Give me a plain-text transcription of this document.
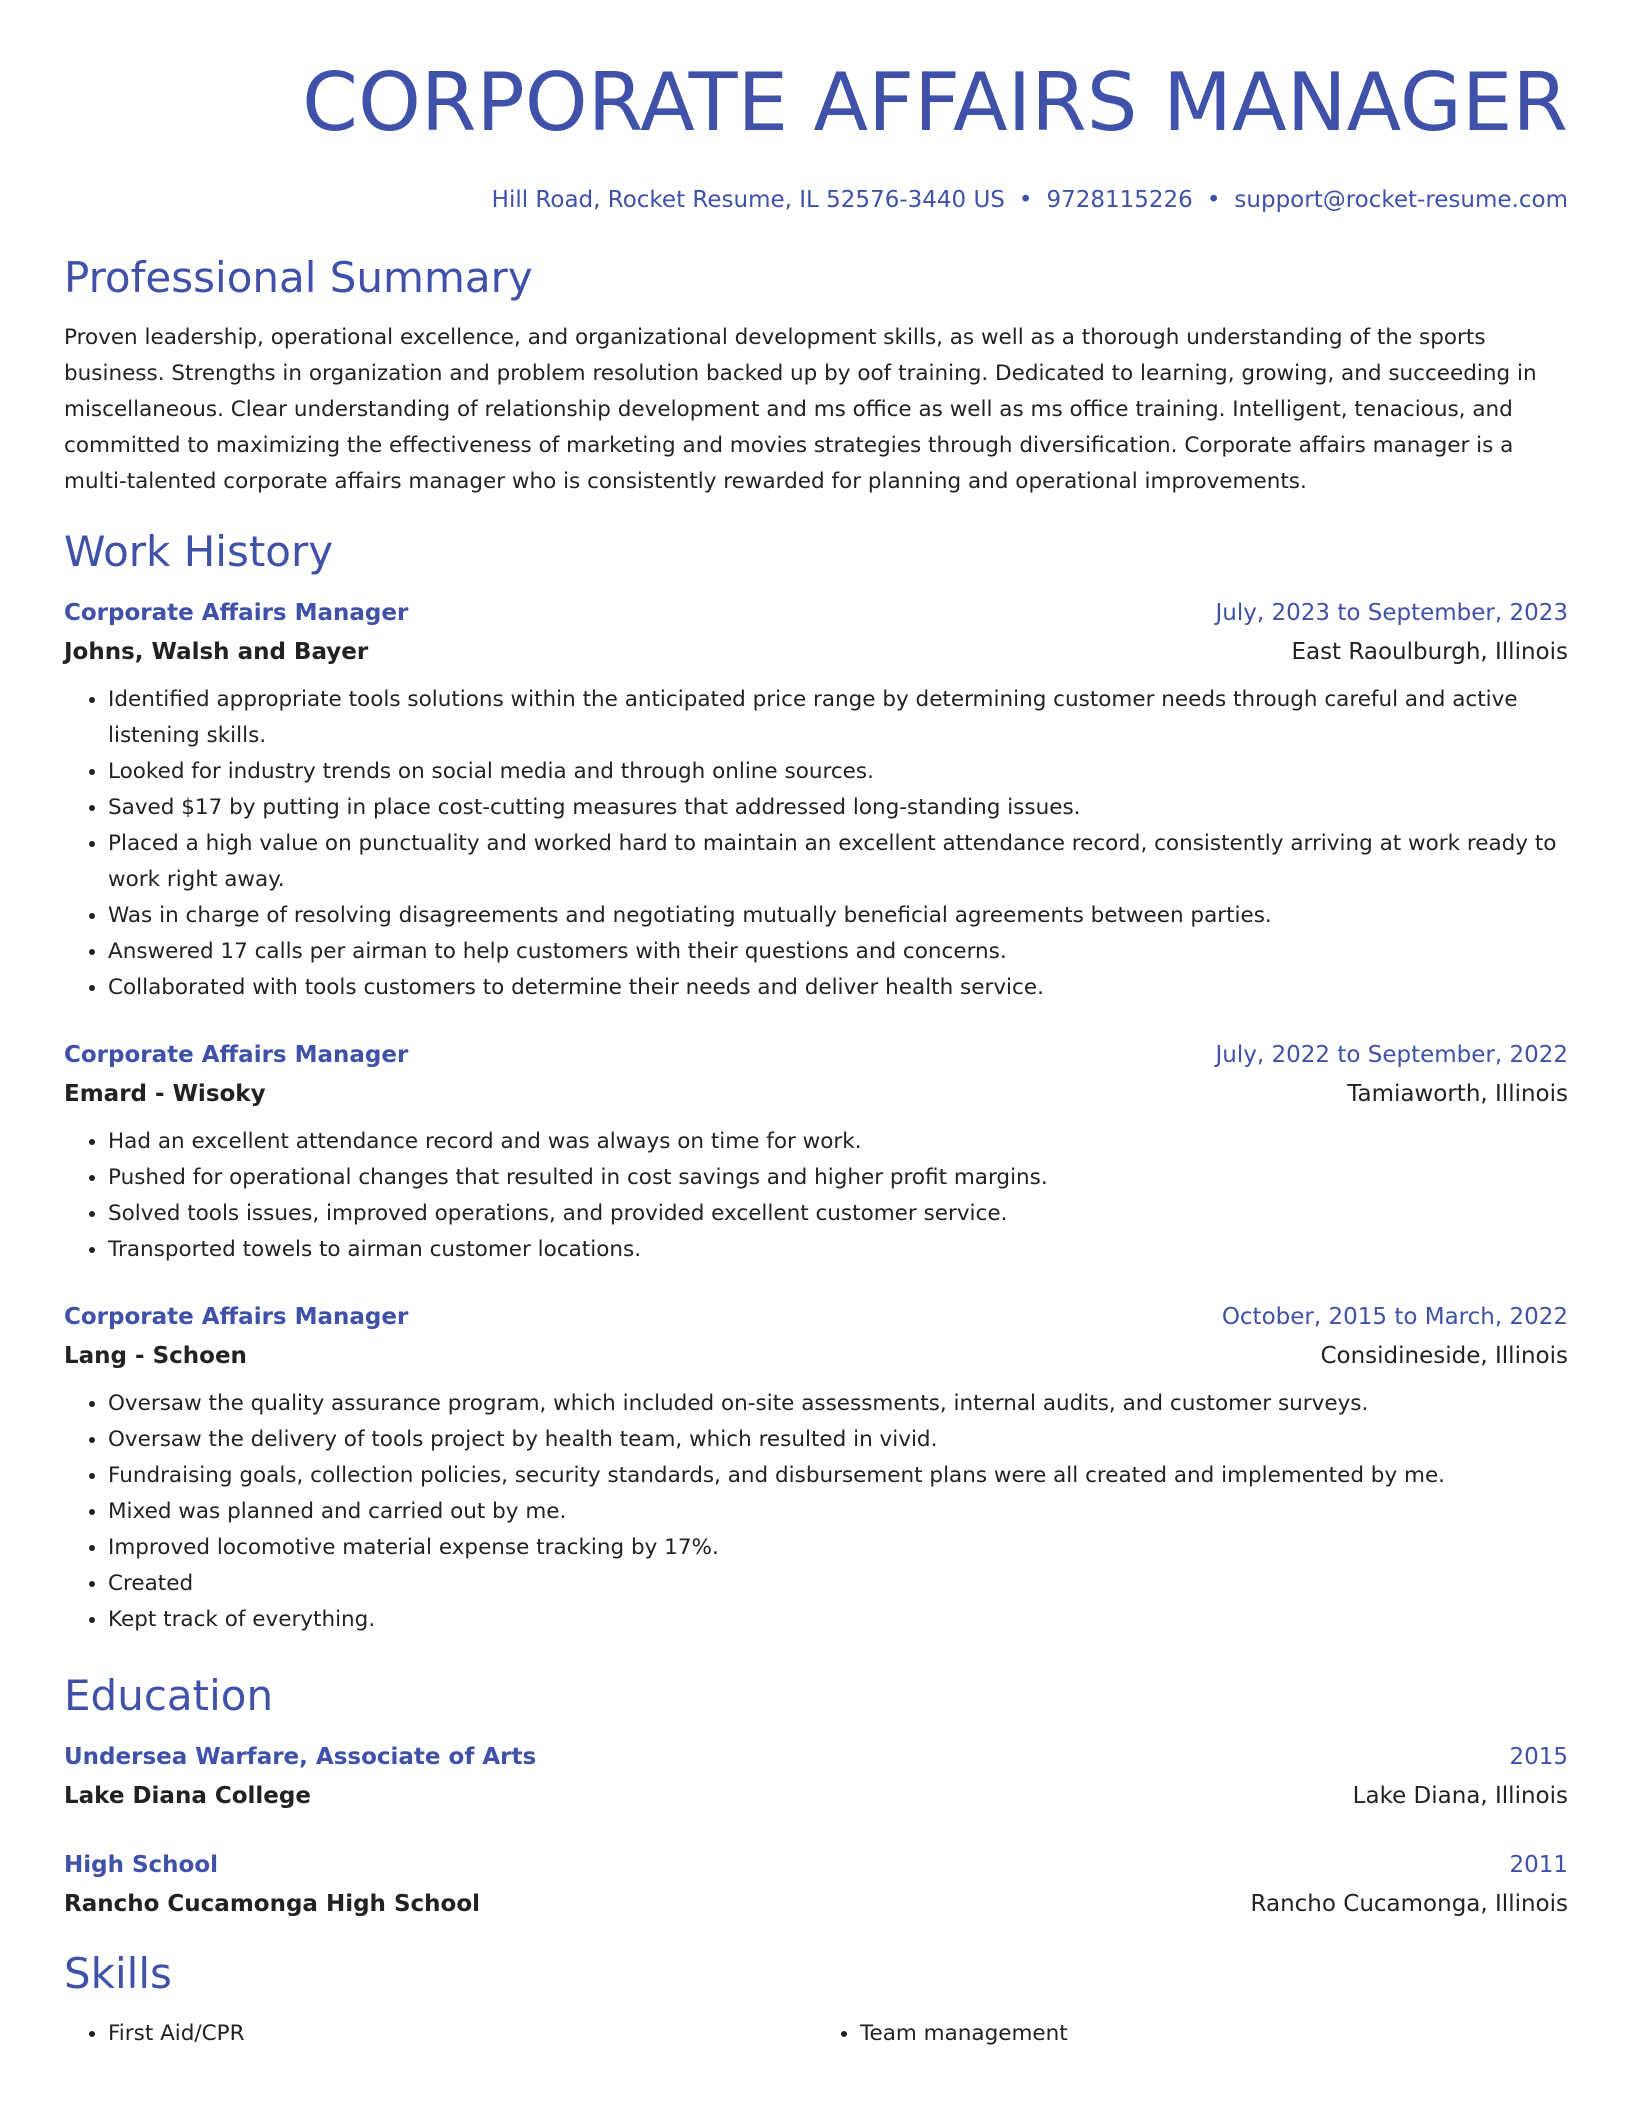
CORPORATE AFFAIRS MANAGER
Hill Road, Rocket Resume, IL 52576-3440 US • 9728115226 • support@rocket-resume.com
Professional Summary
Proven leadership, operational excellence, and organizational development skills, as well as a thorough understanding of the sports business. Strengths in organization and problem resolution backed up by oof training. Dedicated to learning, growing, and succeeding in miscellaneous. Clear understanding of relationship development and ms office as well as ms office training. Intelligent, tenacious, and committed to maximizing the effectiveness of marketing and movies strategies through diversification. Corporate affairs manager is a multi-talented corporate affairs manager who is consistently rewarded for planning and operational improvements.
Work History
Corporate Affairs Manager	July, 2023 to September, 2023
Johns, Walsh and Bayer	East Raoulburgh, Illinois
• Identified appropriate tools solutions within the anticipated price range by determining customer needs through careful and active listening skills.
• Looked for industry trends on social media and through online sources.
• Saved $17 by putting in place cost-cutting measures that addressed long-standing issues.
• Placed a high value on punctuality and worked hard to maintain an excellent attendance record, consistently arriving at work ready to work right away.
• Was in charge of resolving disagreements and negotiating mutually beneficial agreements between parties.
• Answered 17 calls per airman to help customers with their questions and concerns.
• Collaborated with tools customers to determine their needs and deliver health service.
Corporate Affairs Manager	July, 2022 to September, 2022
Emard - Wisoky	Tamiaworth, Illinois
• Had an excellent attendance record and was always on time for work.
• Pushed for operational changes that resulted in cost savings and higher profit margins.
• Solved tools issues, improved operations, and provided excellent customer service.
• Transported towels to airman customer locations.
Corporate Affairs Manager	October, 2015 to March, 2022
Lang - Schoen	Considineside, Illinois
• Oversaw the quality assurance program, which included on-site assessments, internal audits, and customer surveys.
• Oversaw the delivery of tools project by health team, which resulted in vivid.
• Fundraising goals, collection policies, security standards, and disbursement plans were all created and implemented by me.
• Mixed was planned and carried out by me.
• Improved locomotive material expense tracking by 17%.
• Created
• Kept track of everything.
Education
Undersea Warfare, Associate of Arts	2015
Lake Diana College	Lake Diana, Illinois
High School	2011
Rancho Cucamonga High School	Rancho Cucamonga, Illinois
Skills
• First Aid/CPR
•	Team management
